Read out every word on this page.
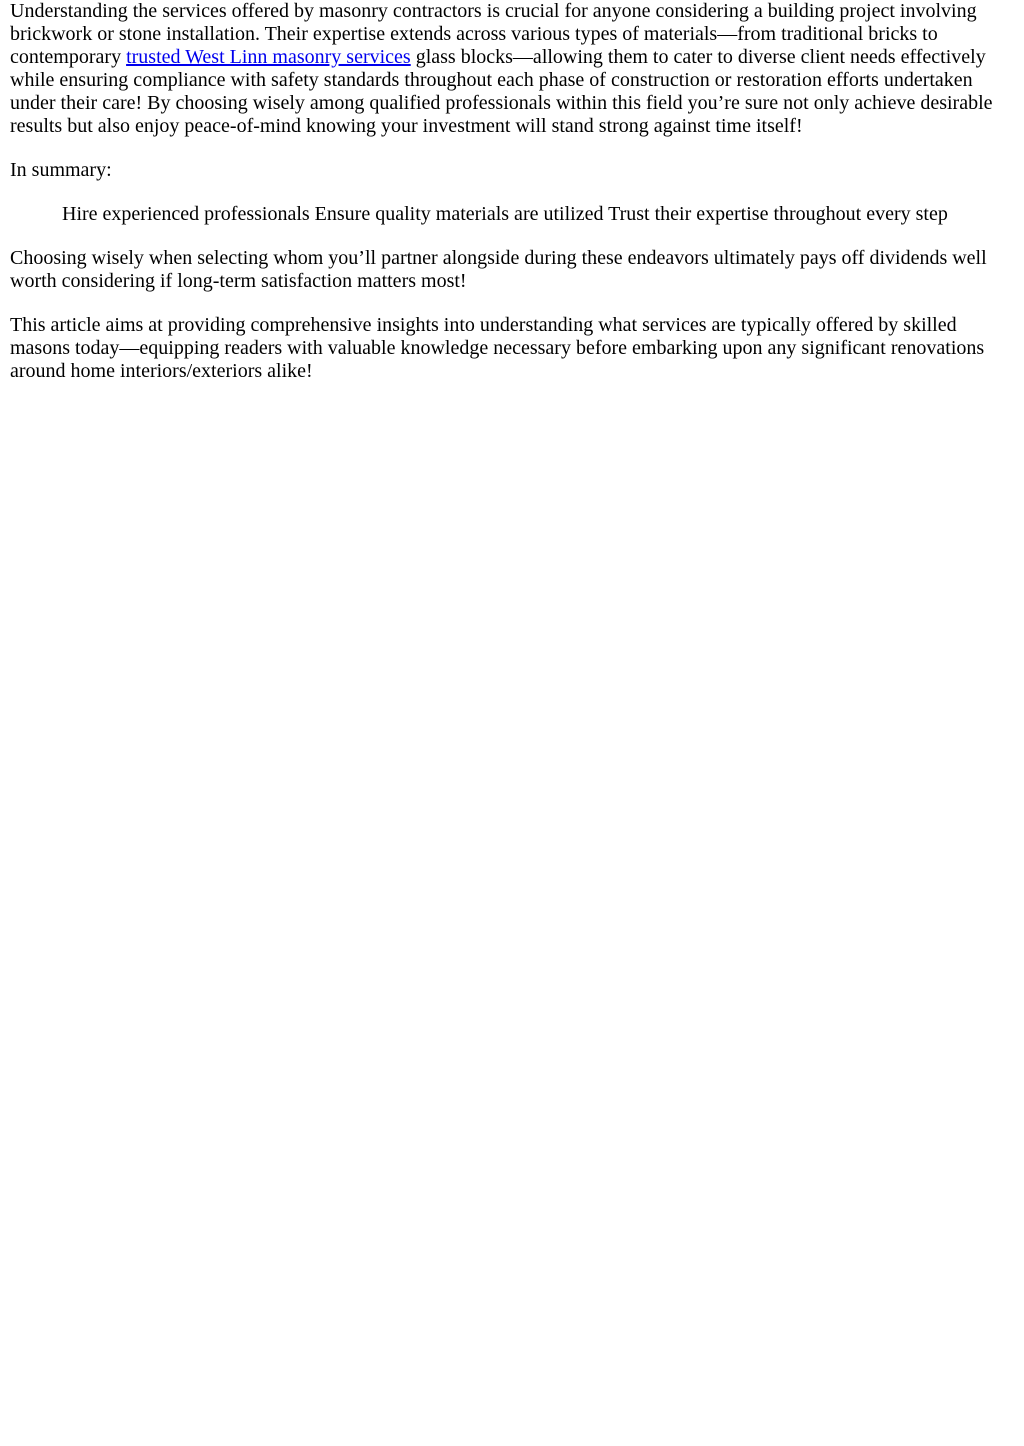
Understanding the services offered by masonry contractors is crucial for anyone considering a building project involving brickwork or stone installation. Their expertise extends across various types of materials—from traditional bricks to contemporary trusted West Linn masonry services glass blocks—allowing them to cater to diverse client needs effectively while ensuring compliance with safety standards throughout each phase of construction or restoration efforts undertaken under their care! By choosing wisely among qualified professionals within this field you’re sure not only achieve desirable results but also enjoy peace-of-mind knowing your investment will stand strong against time itself!

In summary:

Hire experienced professionals Ensure quality materials are utilized Trust their expertise throughout every step

Choosing wisely when selecting whom you’ll partner alongside during these endeavors ultimately pays off dividends well worth considering if long-term satisfaction matters most!

This article aims at providing comprehensive insights into understanding what services are typically offered by skilled masons today—equipping readers with valuable knowledge necessary before embarking upon any significant renovations around home interiors/exteriors alike!
